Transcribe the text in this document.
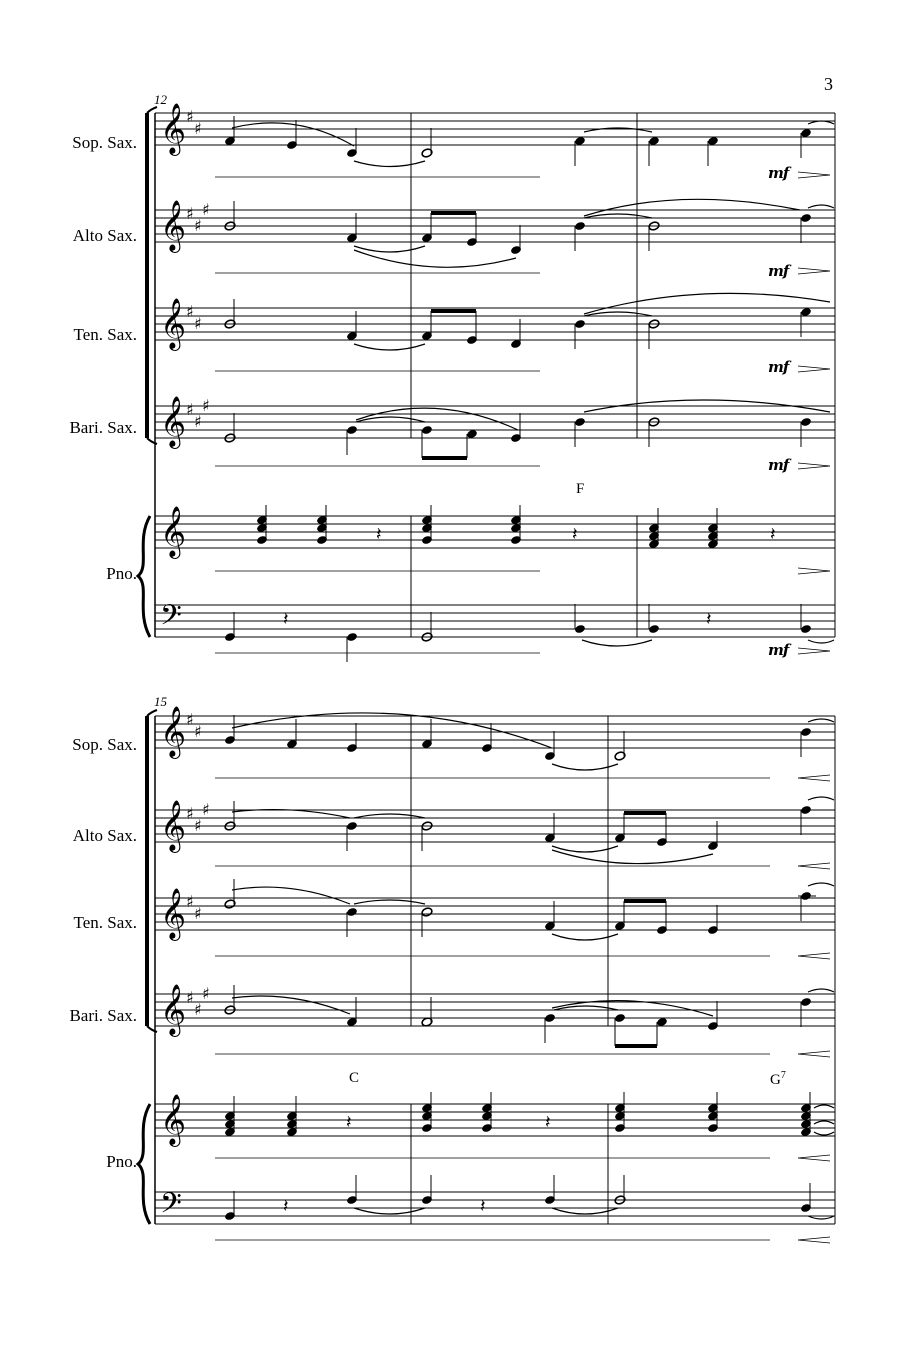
3
12
Sop. Sax.
Alto Sax.
Ten. Sax.
Bari. Sax.
Pno.
F
mf
mf
mf
mf
mf
15
Sop. Sax.
Alto Sax.
Ten. Sax.
Bari. Sax.
Pno.
C	$G^7$
𝄞
𝄞
𝄞
𝄞
𝄞
𝄢
♯
♯
♯
♯
♯
♯
♯
♯
♯
♯
𝄽	𝄽	𝄽
𝄽	𝄽
𝄞
𝄞
𝄞
𝄞
𝄞
𝄢
♯
♯
♯
♯
♯
♯
♯
♯
♯
♯
𝄽	𝄽
𝄽	𝄽
